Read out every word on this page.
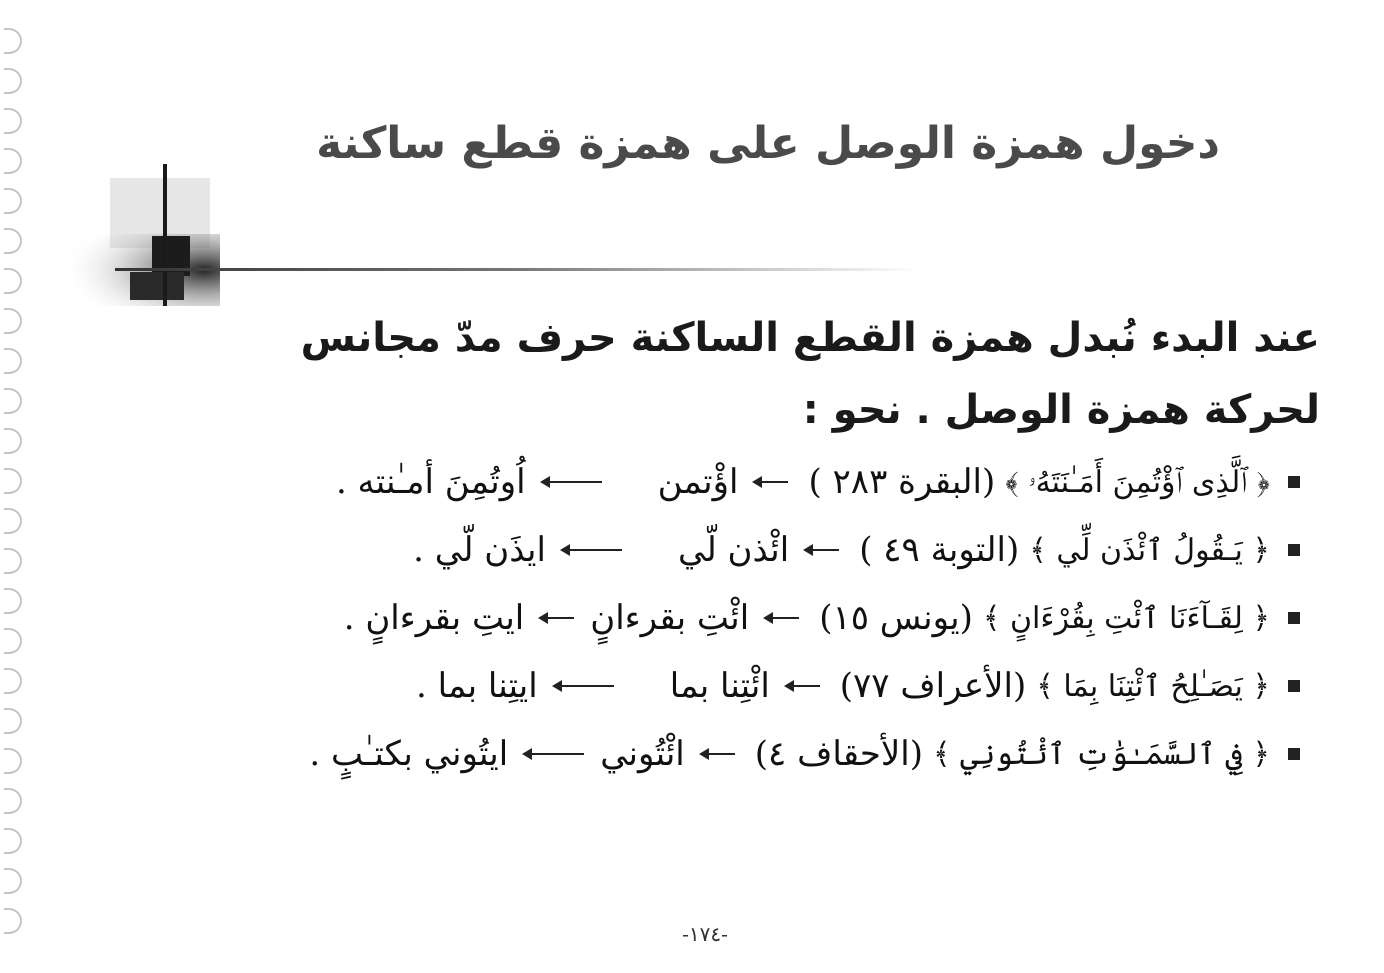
دخول همزة الوصل على همزة قطع ساكنة
عند البدء نُبدل همزة القطع الساكنة حرف مدّ مجانس لحركة همزة الوصل . نحو :
﴿ ٱلَّذِى ٱؤْتُمِنَ أَمَـٰنَتَهُۥ ﴾
(البقرة ٢٨٣ )
اؤْتمن
اُوتُمِنَ أمـٰنته .
﴿ يَـقُولُ ٱئْذَن لِّي ﴾
(التوبة ٤٩ )
ائْذن لّي
ايذَن لّي .
﴿ لِقَـآءَنَا ٱئْتِ بِقُرْءَانٍ ﴾
(يونس ١٥)
ائْتِ بقرءانٍ
ايتِ بقرءانٍ .
﴿ يَصَـٰلِحُ ٱئْتِنَا بِمَا ﴾
(الأعراف ٧٧)
ائْتِنا بما
ايتِنا بما .
﴿ فِي ٱلسَّمَـٰوَٰتِ ٱئْتُونِي ﴾
(الأحقاف ٤)
ائْتُوني
ايتُوني بكتـٰبٍ .
-١٧٤-
